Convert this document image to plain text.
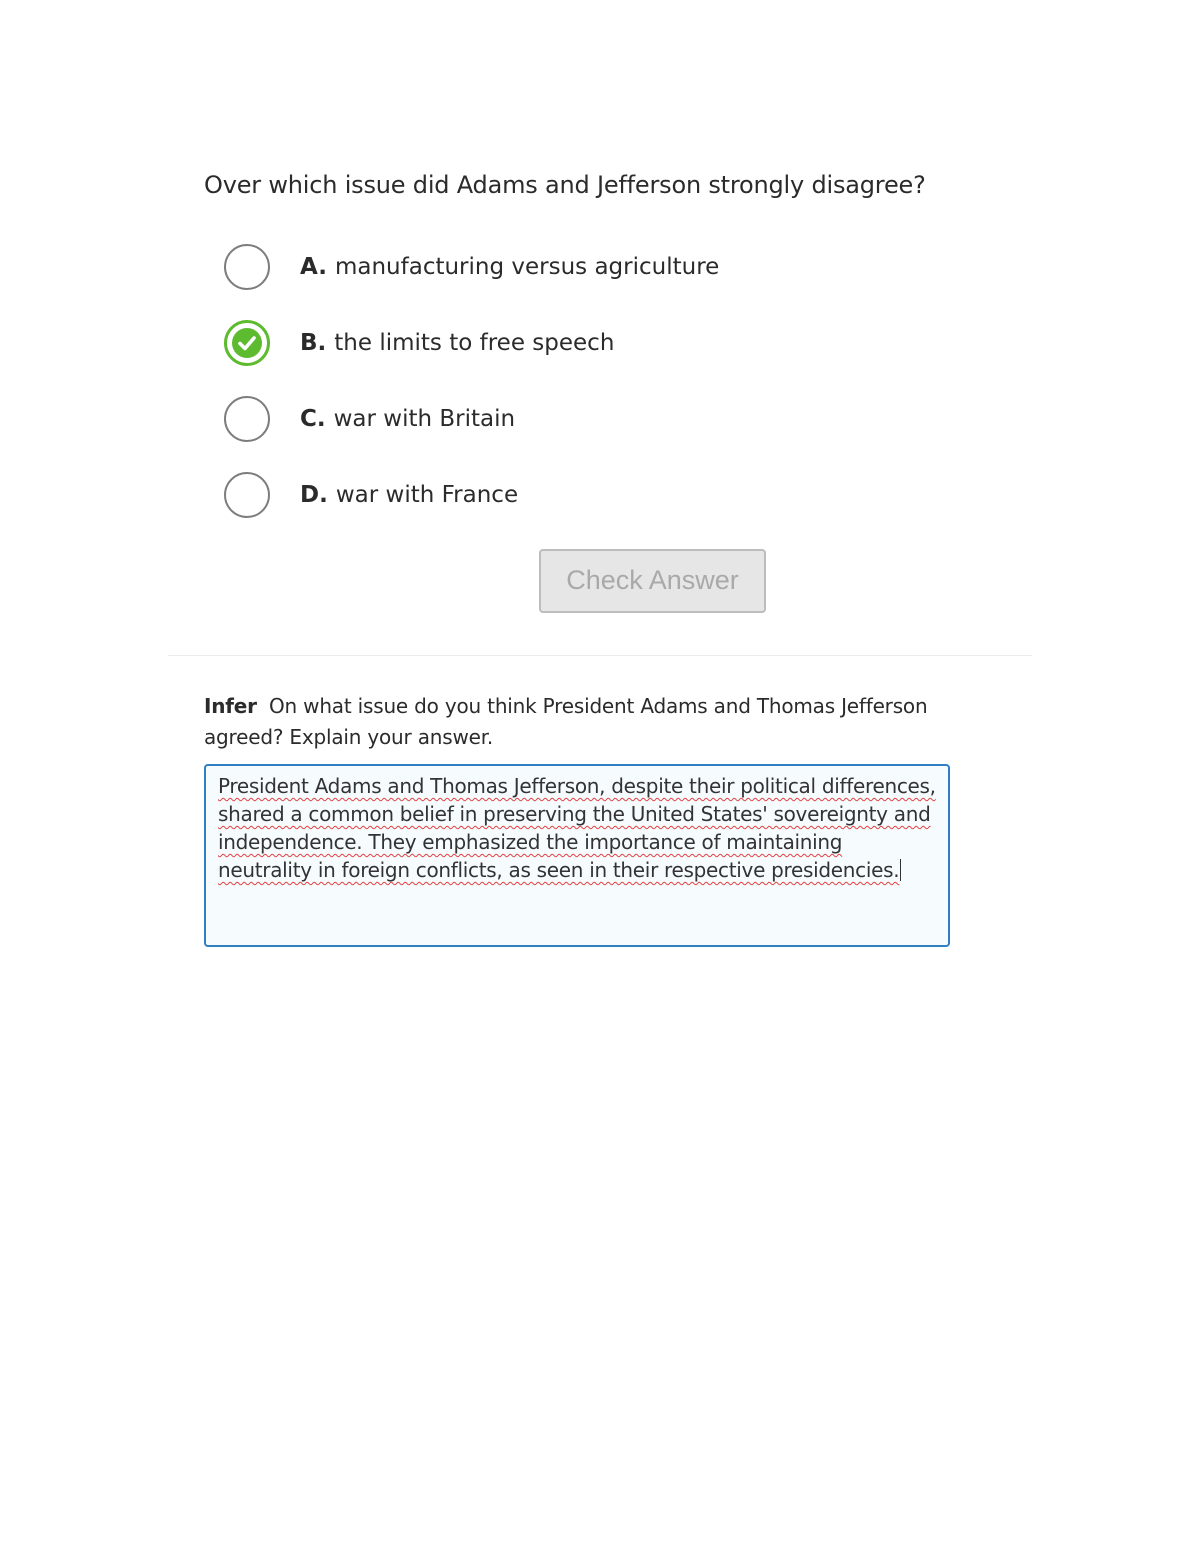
Over which issue did Adams and Jefferson strongly disagree?
A. manufacturing versus agriculture
B. the limits to free speech
C. war with Britain
D. war with France
Check Answer
Infer On what issue do you think President Adams and Thomas Jefferson agreed? Explain your answer.
President Adams and Thomas Jefferson, despite their political differences, shared a common belief in preserving the United States' sovereignty and independence. They emphasized the importance of maintaining neutrality in foreign conflicts, as seen in their respective presidencies.
